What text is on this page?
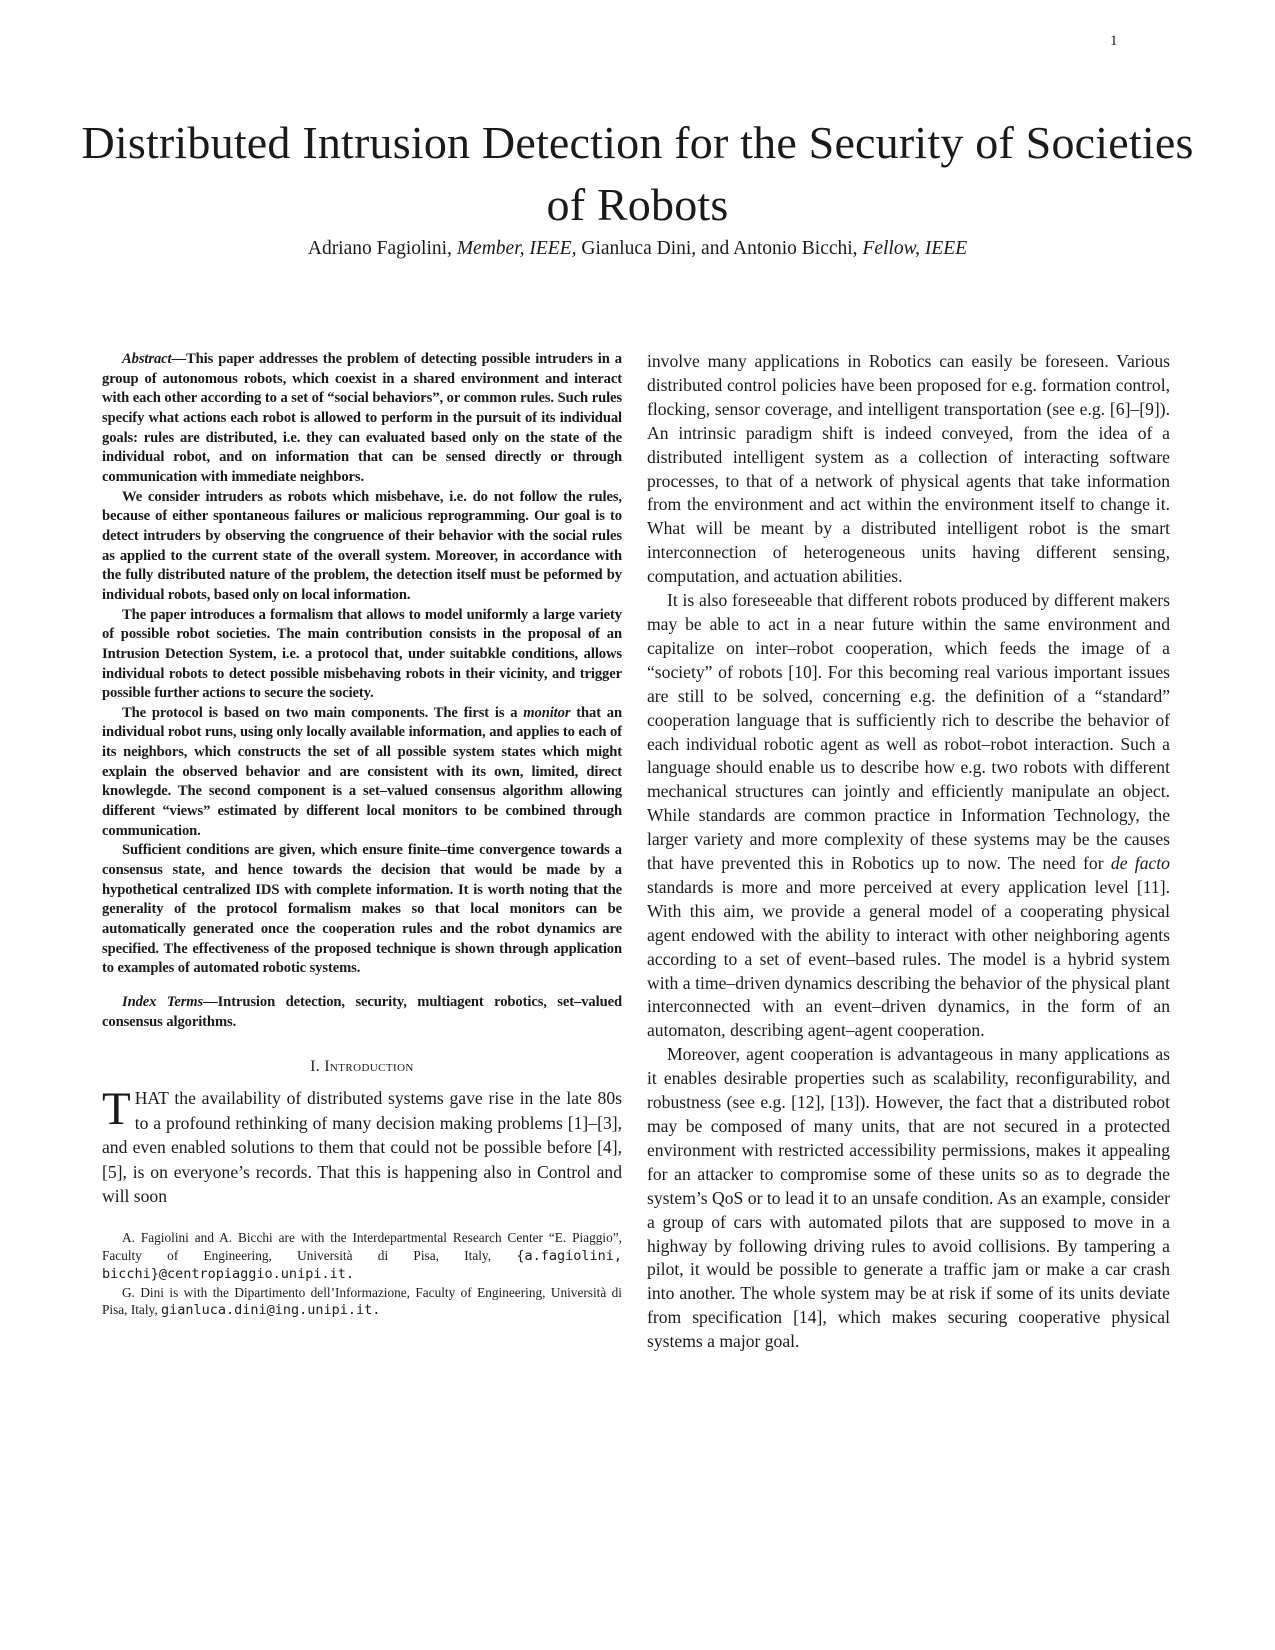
1
Distributed Intrusion Detection for the Security of Societies of Robots
Adriano Fagiolini, Member, IEEE, Gianluca Dini, and Antonio Bicchi, Fellow, IEEE

Abstract—This paper addresses the problem of detecting possible intruders in a group of autonomous robots, which coexist in a shared environment and interact with each other according to a set of “social behaviors”, or common rules. Such rules specify what actions each robot is allowed to perform in the pursuit of its individual goals: rules are distributed, i.e. they can evaluated based only on the state of the individual robot, and on information that can be sensed directly or through communication with immediate neighbors.

We consider intruders as robots which misbehave, i.e. do not follow the rules, because of either spontaneous failures or malicious reprogramming. Our goal is to detect intruders by observing the congruence of their behavior with the social rules as applied to the current state of the overall system. Moreover, in accordance with the fully distributed nature of the problem, the detection itself must be peformed by individual robots, based only on local information.

The paper introduces a formalism that allows to model uniformly a large variety of possible robot societies. The main contribution consists in the proposal of an Intrusion Detection System, i.e. a protocol that, under suitabkle conditions, allows individual robots to detect possible misbehaving robots in their vicinity, and trigger possible further actions to secure the society.

The protocol is based on two main components. The first is a monitor that an individual robot runs, using only locally available information, and applies to each of its neighbors, which constructs the set of all possible system states which might explain the observed behavior and are consistent with its own, limited, direct knowlegde. The second component is a set–valued consensus algorithm allowing different “views” estimated by different local monitors to be combined through communication.

Sufficient conditions are given, which ensure finite–time convergence towards a consensus state, and hence towards the decision that would be made by a hypothetical centralized IDS with complete information. It is worth noting that the generality of the protocol formalism makes so that local monitors can be automatically generated once the cooperation rules and the robot dynamics are specified. The effectiveness of the proposed technique is shown through application to examples of automated robotic systems.

Index Terms—Intrusion detection, security, multiagent robotics, set–valued consensus algorithms.

I. Introduction

THAT the availability of distributed systems gave rise in the late 80s to a profound rethinking of many decision making problems [1]–[3], and even enabled solutions to them that could not be possible before [4], [5], is on everyone’s records. That this is happening also in Control and will soon

A. Fagiolini and A. Bicchi are with the Interdepartmental Research Center “E. Piaggio”, Faculty of Engineering, Università di Pisa, Italy, {a.fagiolini, bicchi}@centropiaggio.unipi.it.

G. Dini is with the Dipartimento dell’Informazione, Faculty of Engineering, Università di Pisa, Italy, gianluca.dini@ing.unipi.it.

involve many applications in Robotics can easily be foreseen. Various distributed control policies have been proposed for e.g. formation control, flocking, sensor coverage, and intelligent transportation (see e.g. [6]–[9]). An intrinsic paradigm shift is indeed conveyed, from the idea of a distributed intelligent system as a collection of interacting software processes, to that of a network of physical agents that take information from the environment and act within the environment itself to change it. What will be meant by a distributed intelligent robot is the smart interconnection of heterogeneous units having different sensing, computation, and actuation abilities.

It is also foreseeable that different robots produced by different makers may be able to act in a near future within the same environment and capitalize on inter–robot cooperation, which feeds the image of a “society” of robots [10]. For this becoming real various important issues are still to be solved, concerning e.g. the definition of a “standard” cooperation language that is sufficiently rich to describe the behavior of each individual robotic agent as well as robot–robot interaction. Such a language should enable us to describe how e.g. two robots with different mechanical structures can jointly and efficiently manipulate an object. While standards are common practice in Information Technology, the larger variety and more complexity of these systems may be the causes that have prevented this in Robotics up to now. The need for de facto standards is more and more perceived at every application level [11]. With this aim, we provide a general model of a cooperating physical agent endowed with the ability to interact with other neighboring agents according to a set of event–based rules. The model is a hybrid system with a time–driven dynamics describing the behavior of the physical plant interconnected with an event–driven dynamics, in the form of an automaton, describing agent–agent cooperation.

Moreover, agent cooperation is advantageous in many applications as it enables desirable properties such as scalability, reconfigurability, and robustness (see e.g. [12], [13]). However, the fact that a distributed robot may be composed of many units, that are not secured in a protected environment with restricted accessibility permissions, makes it appealing for an attacker to compromise some of these units so as to degrade the system’s QoS or to lead it to an unsafe condition. As an example, consider a group of cars with automated pilots that are supposed to move in a highway by following driving rules to avoid collisions. By tampering a pilot, it would be possible to generate a traffic jam or make a car crash into another. The whole system may be at risk if some of its units deviate from specification [14], which makes securing cooperative physical systems a major goal.
